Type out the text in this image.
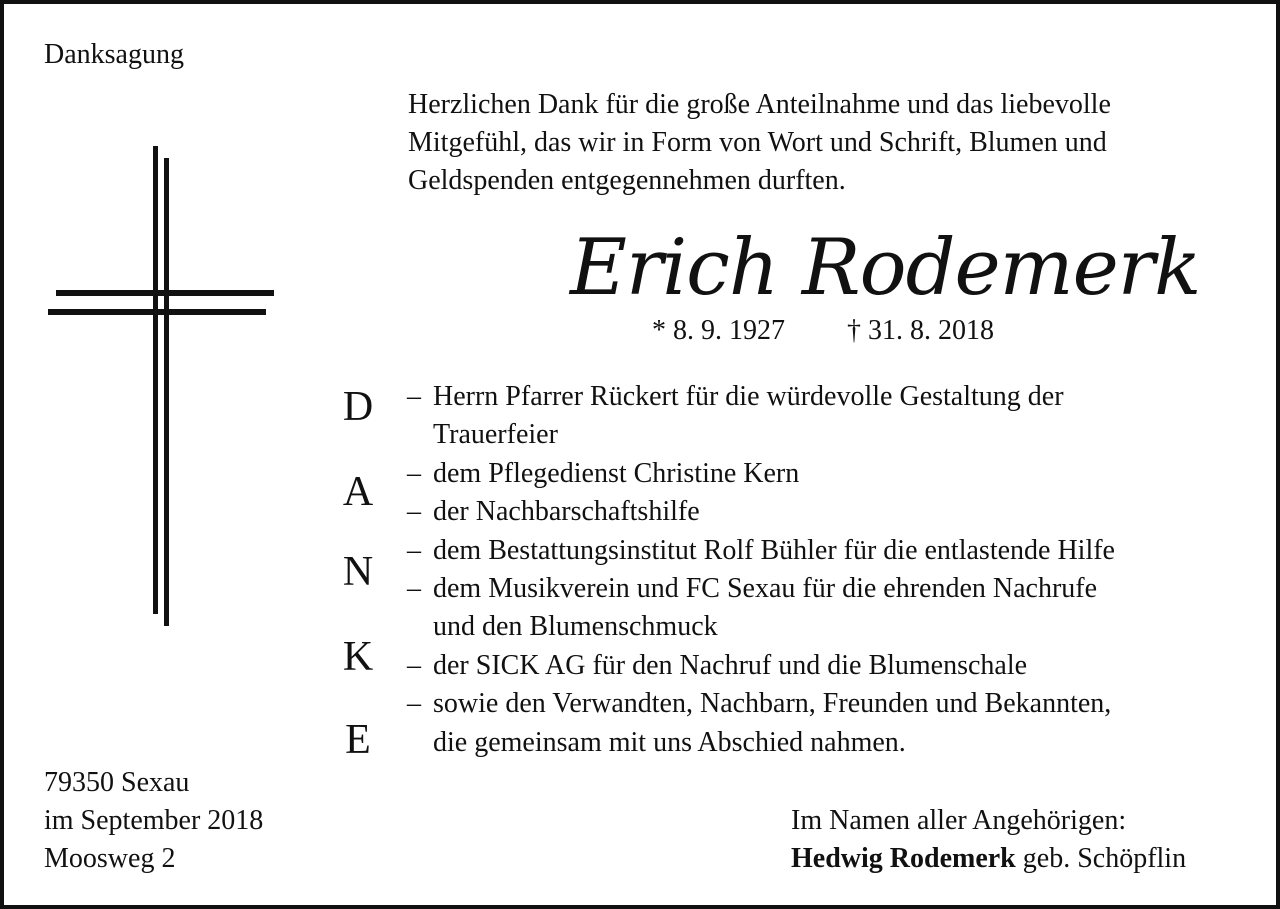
Danksagung
Herzlichen Dank für die große Anteilnahme und das liebevolle
Mitgefühl, das wir in Form von Wort und Schrift, Blumen und
Geldspenden entgegennehmen durften.
Erich Rodemerk
* 8. 9. 1927 † 31. 8. 2018
D
A
N
K
E
– Herrn Pfarrer Rückert für die würdevolle Gestaltung der
Trauerfeier
– dem Pflegedienst Christine Kern
– der Nachbarschaftshilfe
– dem Bestattungsinstitut Rolf Bühler für die entlastende Hilfe
– dem Musikverein und FC Sexau für die ehrenden Nachrufe
und den Blumenschmuck
– der SICK AG für den Nachruf und die Blumenschale
– sowie den Verwandten, Nachbarn, Freunden und Bekannten,
die gemeinsam mit uns Abschied nahmen.
79350 Sexau
im September 2018
Moosweg 2
Im Namen aller Angehörigen:
Hedwig Rodemerk geb. Schöpflin
